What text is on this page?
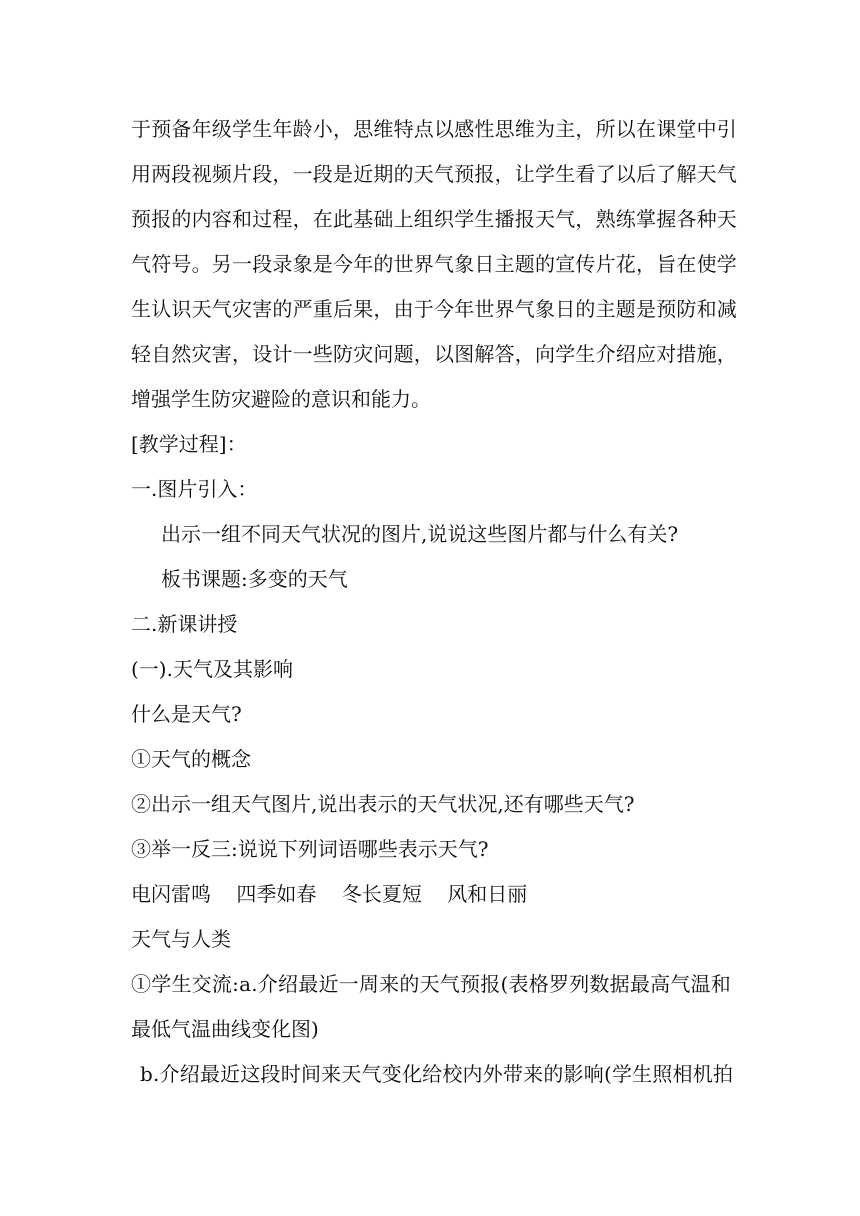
于预备年级学生年龄小，思维特点以感性思维为主，所以在课堂中引
用两段视频片段，一段是近期的天气预报，让学生看了以后了解天气
预报的内容和过程，在此基础上组织学生播报天气，熟练掌握各种天
气符号。另一段录象是今年的世界气象日主题的宣传片花，旨在使学
生认识天气灾害的严重后果，由于今年世界气象日的主题是预防和减
轻自然灾害，设计一些防灾问题，以图解答，向学生介绍应对措施，
增强学生防灾避险的意识和能力。
[教学过程]：
一.图片引入：
出示一组不同天气状况的图片,说说这些图片都与什么有关?
板书课题:多变的天气
二.新课讲授
(一).天气及其影响
什么是天气?
①天气的概念
②出示一组天气图片,说出表示的天气状况,还有哪些天气?
③举一反三:说说下列词语哪些表示天气?
电闪雷鸣    四季如春    冬长夏短    风和日丽
天气与人类
①学生交流:a.介绍最近一周来的天气预报(表格罗列数据最高气温和
最低气温曲线变化图)
b.介绍最近这段时间来天气变化给校内外带来的影响(学生照相机拍
